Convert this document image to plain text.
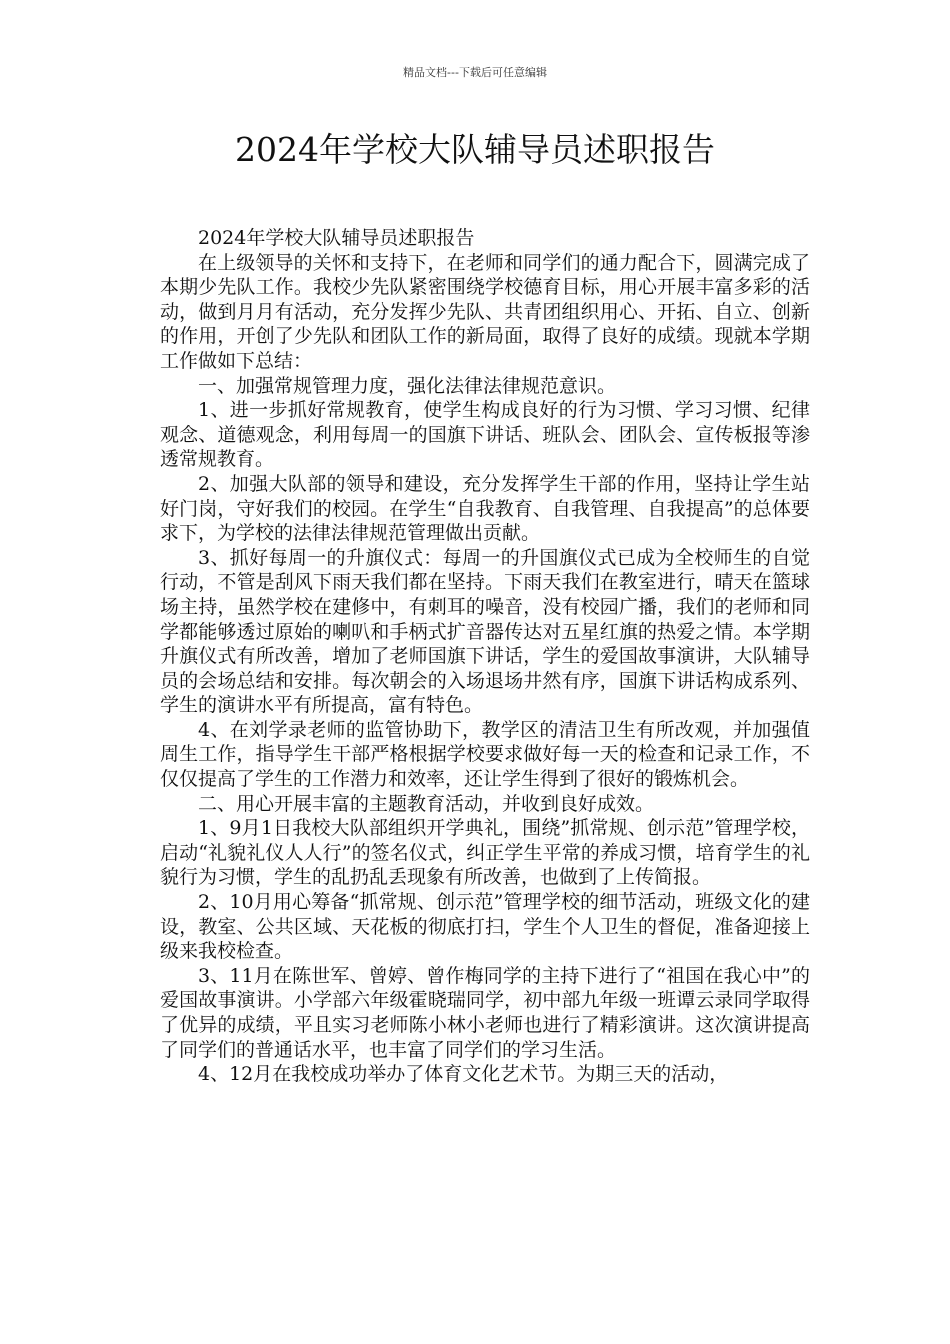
精品文档---下载后可任意编辑
2024年学校大队辅导员述职报告

2024年学校大队辅导员述职报告

在上级领导的关怀和支持下，在老师和同学们的通力配合下，圆满完成了本期少先队工作。我校少先队紧密围绕学校德育目标，用心开展丰富多彩的活动，做到月月有活动，充分发挥少先队、共青团组织用心、开拓、自立、创新的作用，开创了少先队和团队工作的新局面，取得了良好的成绩。现就本学期工作做如下总结：

一、加强常规管理力度，强化法律法律规范意识。

1、进一步抓好常规教育，使学生构成良好的行为习惯、学习习惯、纪律观念、道德观念，利用每周一的国旗下讲话、班队会、团队会、宣传板报等渗透常规教育。

2、加强大队部的领导和建设，充分发挥学生干部的作用，坚持让学生站好门岗，守好我们的校园。在学生“自我教育、自我管理、自我提高”的总体要求下，为学校的法律法律规范管理做出贡献。

3、抓好每周一的升旗仪式：每周一的升国旗仪式已成为全校师生的自觉行动，不管是刮风下雨天我们都在坚持。下雨天我们在教室进行，晴天在篮球场主持，虽然学校在建修中，有刺耳的噪音，没有校园广播，我们的老师和同学都能够透过原始的喇叭和手柄式扩音器传达对五星红旗的热爱之情。本学期升旗仪式有所改善，增加了老师国旗下讲话，学生的爱国故事演讲，大队辅导员的会场总结和安排。每次朝会的入场退场井然有序，国旗下讲话构成系列、学生的演讲水平有所提高，富有特色。

4、在刘学录老师的监管协助下，教学区的清洁卫生有所改观，并加强值周生工作，指导学生干部严格根据学校要求做好每一天的检查和记录工作，不仅仅提高了学生的工作潜力和效率，还让学生得到了很好的锻炼机会。

二、用心开展丰富的主题教育活动，并收到良好成效。

1、9月1日我校大队部组织开学典礼，围绕”抓常规、创示范”管理学校，启动“礼貌礼仪人人行”的签名仪式，纠正学生平常的养成习惯，培育学生的礼貌行为习惯，学生的乱扔乱丢现象有所改善，也做到了上传简报。

2、10月用心筹备“抓常规、创示范”管理学校的细节活动，班级文化的建设，教室、公共区域、天花板的彻底打扫，学生个人卫生的督促，准备迎接上级来我校检查。

3、11月在陈世军、曾婷、曾作梅同学的主持下进行了“祖国在我心中”的爱国故事演讲。小学部六年级霍晓瑞同学，初中部九年级一班谭云录同学取得了优异的成绩，平且实习老师陈小林小老师也进行了精彩演讲。这次演讲提高了同学们的普通话水平，也丰富了同学们的学习生活。

4、12月在我校成功举办了体育文化艺术节。为期三天的活动，
